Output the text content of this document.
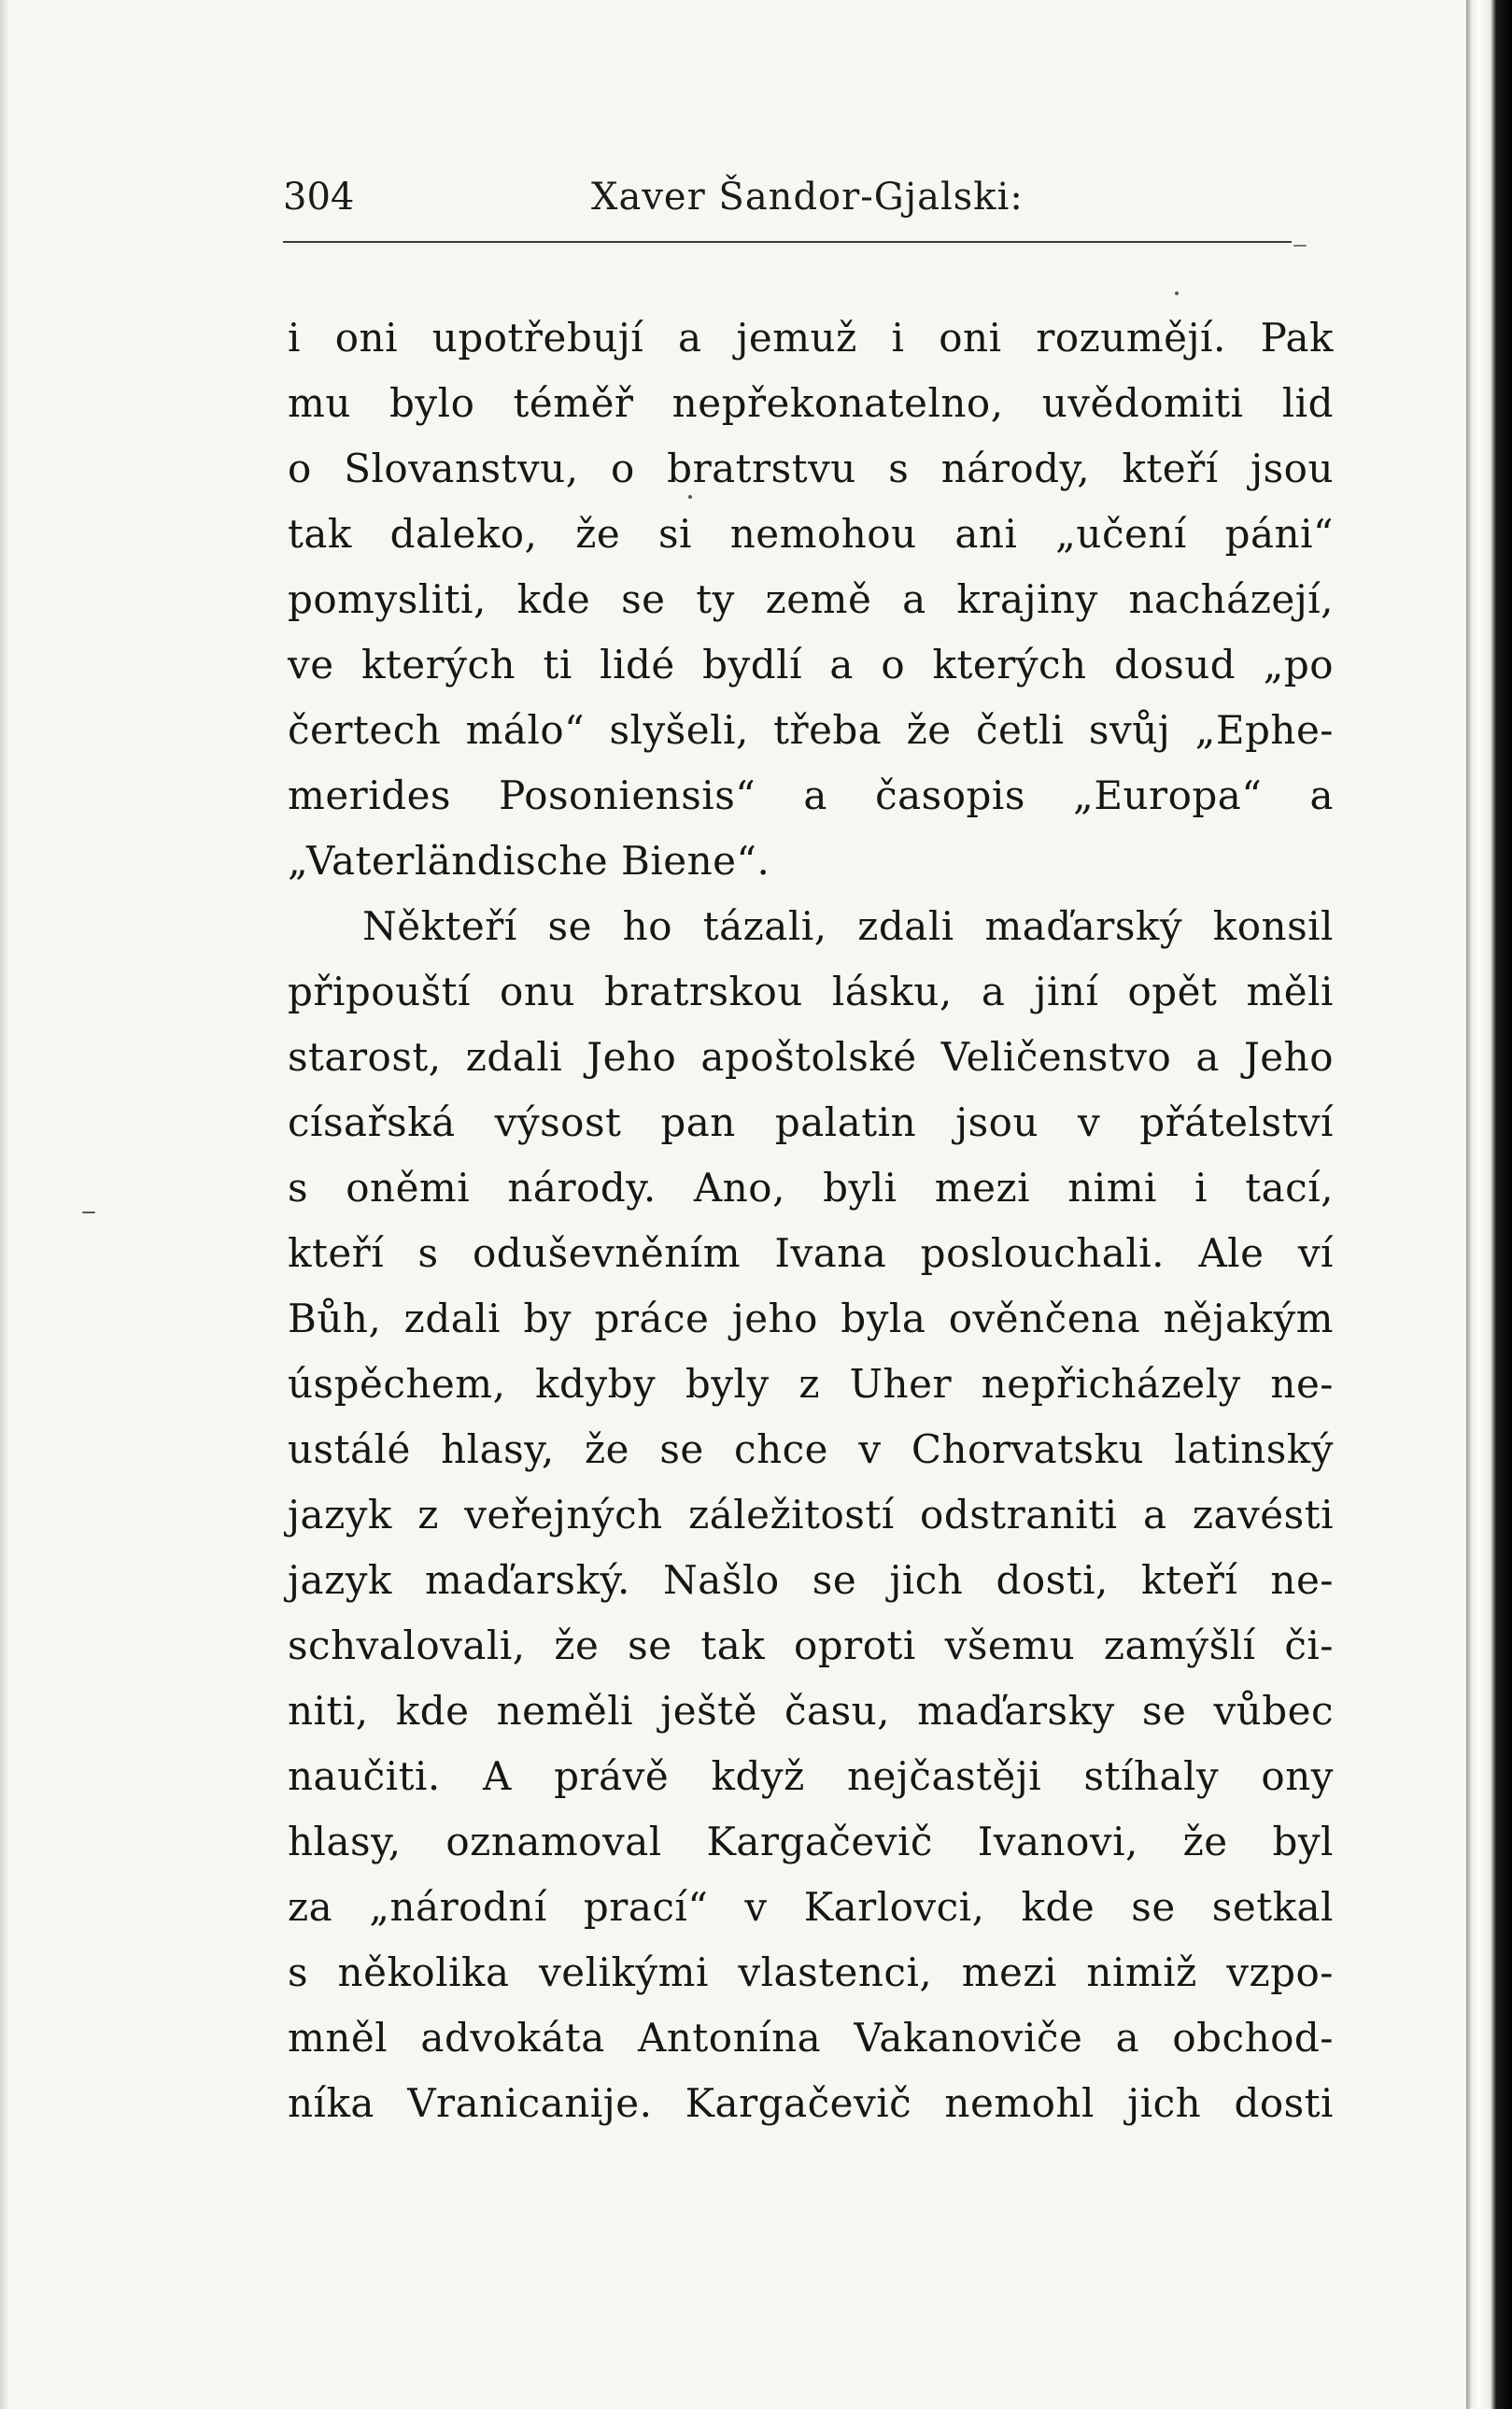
304	Xaver Šandor-Gjalski:
i oni upotřebují a jemuž i oni rozumějí. Pak
mu bylo téměř nepřekonatelno, uvědomiti lid
o Slovanstvu, o bratrstvu s národy, kteří jsou
tak daleko, že si nemohou ani „učení páni“
pomysliti, kde se ty země a krajiny nacházejí,
ve kterých ti lidé bydlí a o kterých dosud „po
čertech málo“ slyšeli, třeba že četli svůj „Ephe-
merides Posoniensis“ a časopis „Europa“ a
„Vaterländische Biene“.
Někteří se ho tázali, zdali maďarský konsil
připouští onu bratrskou lásku, a jiní opět měli
starost, zdali Jeho apoštolské Veličenstvo a Jeho
císařská výsost pan palatin jsou v přátelství
s oněmi národy. Ano, byli mezi nimi i tací,
kteří s oduševněním Ivana poslouchali. Ale ví
Bůh, zdali by práce jeho byla ověnčena nějakým
úspěchem, kdyby byly z Uher nepřicházely ne-
ustálé hlasy, že se chce v Chorvatsku latinský
jazyk z veřejných záležitostí odstraniti a zavésti
jazyk maďarský. Našlo se jich dosti, kteří ne-
schvalovali, že se tak oproti všemu zamýšlí či-
niti, kde neměli ještě času, maďarsky se vůbec
naučiti. A právě když nejčastěji stíhaly ony
hlasy, oznamoval Kargačevič Ivanovi, že byl
za „národní prací“ v Karlovci, kde se setkal
s několika velikými vlastenci, mezi nimiž vzpo-
mněl advokáta Antonína Vakanoviče a obchod-
níka Vranicanije. Kargačevič nemohl jich dosti
